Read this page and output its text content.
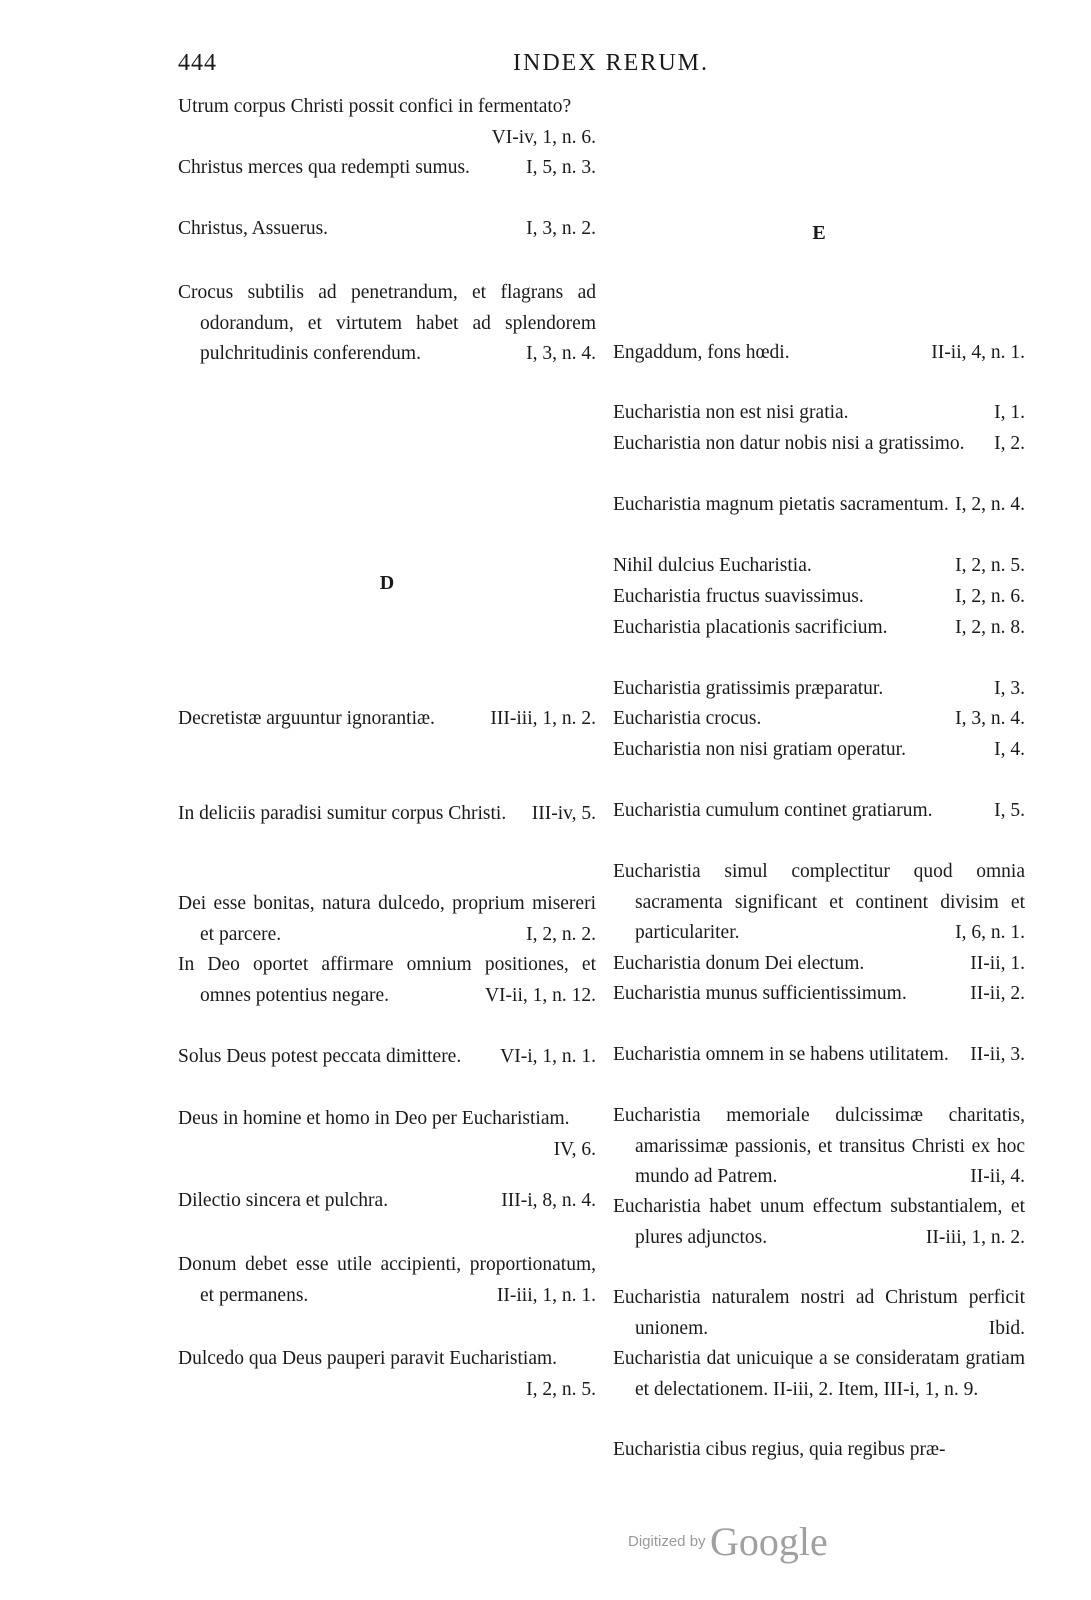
444	INDEX RERUM.
Utrum corpus Christi possit confici in fermentato?
VI-iv, 1, n. 6.
Christus merces qua redempti sumus.	I, 5, n. 3.
Christus, Assuerus.	I, 3, n. 2.
Crocus subtilis ad penetrandum, et flagrans ad odorandum, et virtutem habet ad splendorem pulchritudinis conferendum.	I, 3, n. 4.
D
Decretistæ arguuntur ignorantiæ.	III-iii, 1, n. 2.
In deliciis paradisi sumitur corpus Christi. III-iv, 5.
Dei esse bonitas, natura dulcedo, proprium misereri et parcere.	I, 2, n. 2.
In Deo oportet affirmare omnium positiones, et omnes potentius negare.	VI-ii, 1, n. 12.
Solus Deus potest peccata dimittere. VI-i, 1, n. 1.
Deus in homine et homo in Deo per Eucharistiam.
IV, 6.
Dilectio sincera et pulchra.	III-i, 8, n. 4.
Donum debet esse utile accipienti, proportionatum, et permanens.	II-iii, 1, n. 1.
Dulcedo qua Deus pauperi paravit Eucharistiam.
I, 2, n. 5.
E
Engaddum, fons hœdi.	II-ii, 4, n. 1.
Eucharistia non est nisi gratia.	I, 1.
Eucharistia non datur nobis nisi a gratissimo. I, 2.
Eucharistia magnum pietatis sacramentum. I, 2, n. 4.
Nihil dulcius Eucharistia.	I, 2, n. 5.
Eucharistia fructus suavissimus.	I, 2, n. 6.
Eucharistia placationis sacrificium.	I, 2, n. 8.
Eucharistia gratissimis præparatur.	I, 3.
Eucharistia crocus.	I, 3, n. 4.
Eucharistia non nisi gratiam operatur.	I, 4.
Eucharistia cumulum continet gratiarum.	I, 5.
Eucharistia simul complectitur quod omnia sacramenta significant et continent divisim et particulariter.	I, 6, n. 1.
Eucharistia donum Dei electum.	II-ii, 1.
Eucharistia munus sufficientissimum.	II-ii, 2.
Eucharistia omnem in se habens utilitatem. II-ii, 3.
Eucharistia memoriale dulcissimæ charitatis, amarissimæ passionis, et transitus Christi ex hoc mundo ad Patrem.	II-ii, 4.
Eucharistia habet unum effectum substantialem, et plures adjunctos.	II-iii, 1, n. 2.
Eucharistia naturalem nostri ad Christum perficit unionem.	Ibid.
Eucharistia dat unicuique a se consideratam gratiam et delectationem. II-iii, 2. Item, III-i, 1, n. 9.
Eucharistia cibus regius, quia regibus præ-
Digitized by Google
